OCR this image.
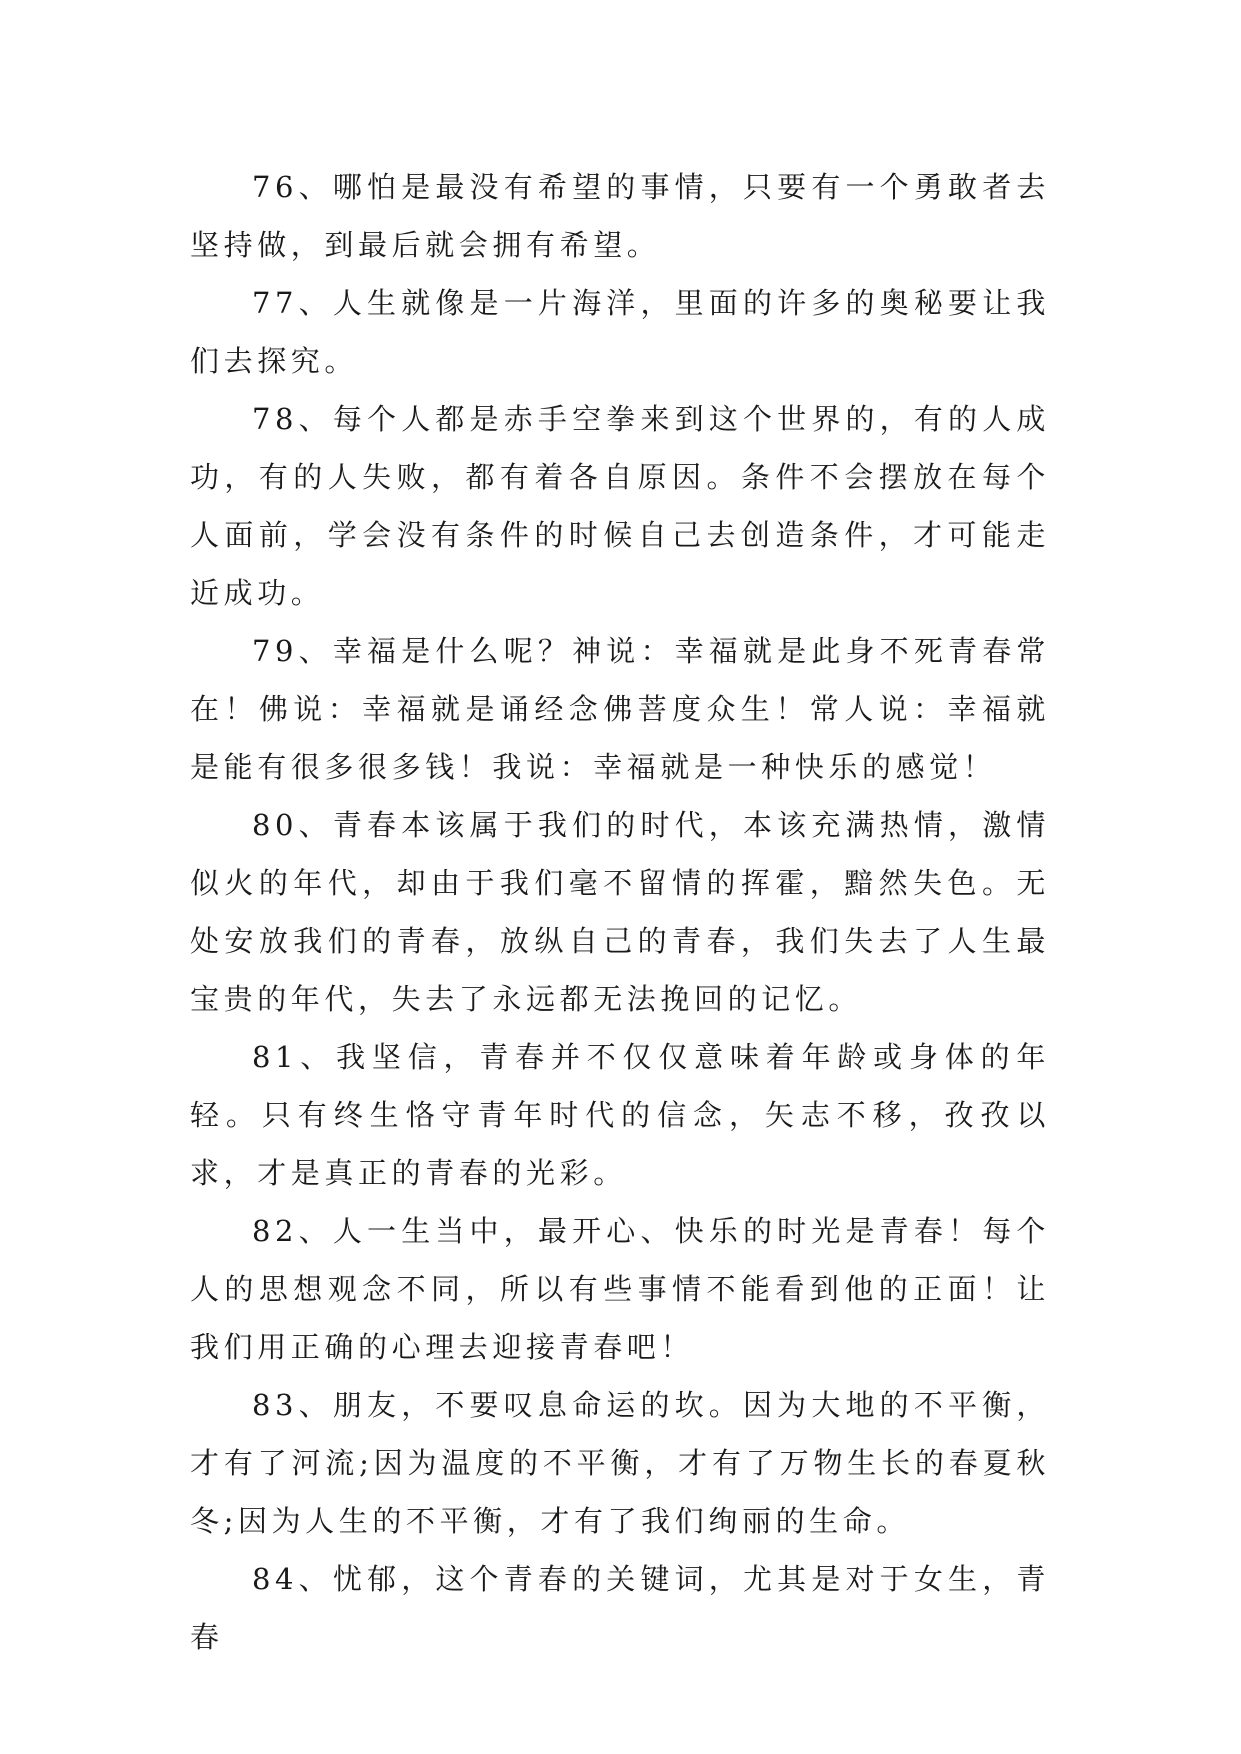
76、哪怕是最没有希望的事情，只要有一个勇敢者去坚持做，到最后就会拥有希望。

77、人生就像是一片海洋，里面的许多的奥秘要让我们去探究。

78、每个人都是赤手空拳来到这个世界的，有的人成功，有的人失败，都有着各自原因。条件不会摆放在每个人面前，学会没有条件的时候自己去创造条件，才可能走近成功。

79、幸福是什么呢？神说：幸福就是此身不死青春常在！佛说：幸福就是诵经念佛菩度众生！常人说：幸福就是能有很多很多钱！我说：幸福就是一种快乐的感觉！

80、青春本该属于我们的时代，本该充满热情，激情似火的年代，却由于我们毫不留情的挥霍，黯然失色。无处安放我们的青春，放纵自己的青春，我们失去了人生最宝贵的年代，失去了永远都无法挽回的记忆。

81、我坚信，青春并不仅仅意味着年龄或身体的年轻。只有终生恪守青年时代的信念，矢志不移，孜孜以求，才是真正的青春的光彩。

82、人一生当中，最开心、快乐的时光是青春！每个人的思想观念不同，所以有些事情不能看到他的正面！让我们用正确的心理去迎接青春吧！

83、朋友，不要叹息命运的坎。因为大地的不平衡，才有了河流;因为温度的不平衡，才有了万物生长的春夏秋冬;因为人生的不平衡，才有了我们绚丽的生命。

84、忧郁，这个青春的关键词，尤其是对于女生，青春
